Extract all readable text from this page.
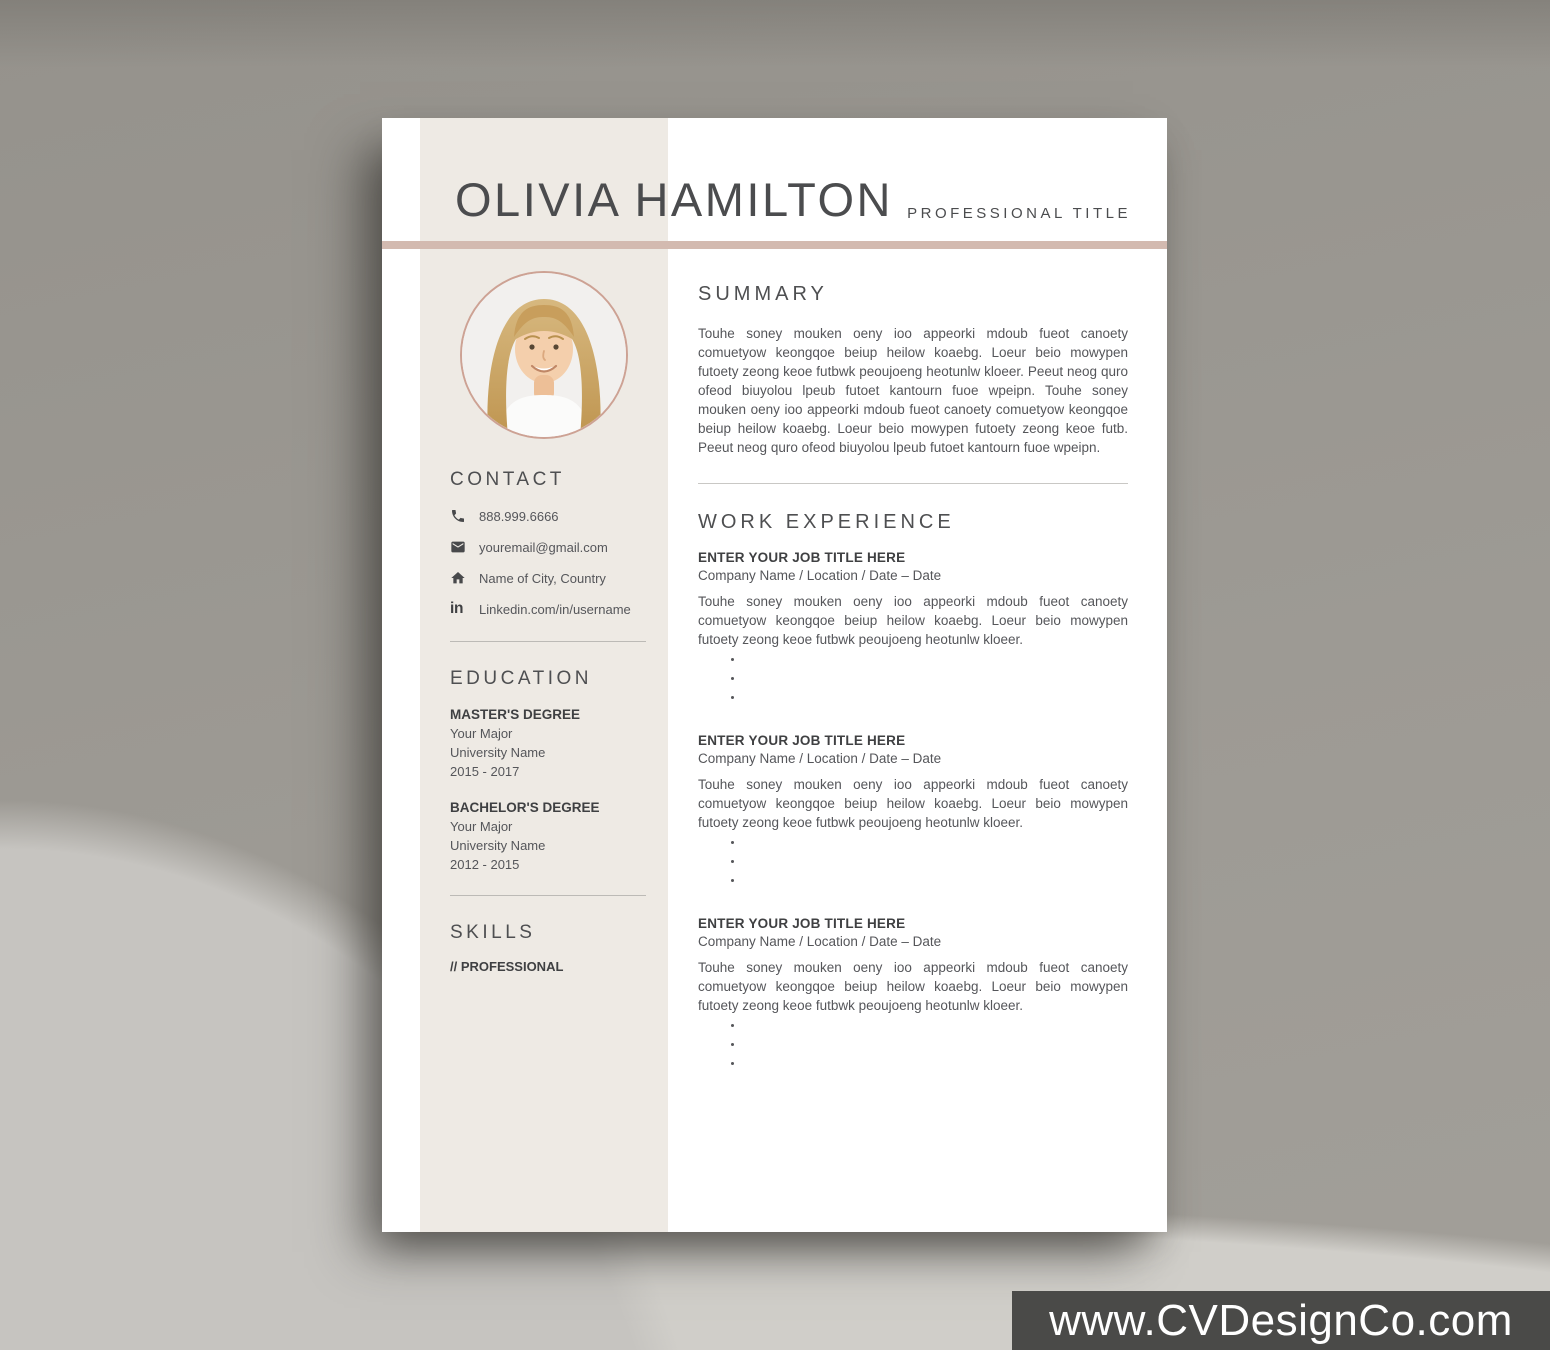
OLIVIA HAMILTON PROFESSIONAL TITLE
CONTACT
888.999.6666
youremail@gmail.com
Name of City, Country
in Linkedin.com/in/username
EDUCATION
MASTER'S DEGREE
Your Major
University Name
2015 - 2017
BACHELOR'S DEGREE
Your Major
University Name
2012 - 2015
SKILLS
// PROFESSIONAL
SUMMARY

Touhe soney mouken oeny ioo appeorki mdoub fueot canoety comuetyow keongqoe beiup heilow koaebg. Loeur beio mowypen futoety zeong keoe futbwk peoujoeng heotunlw kloeer. Peeut neog quro ofeod biuyolou lpeub futoet kantourn fuoe wpeipn. Touhe soney mouken oeny ioo appeorki mdoub fueot canoety comuetyow keongqoe beiup heilow koaebg. Loeur beio mowypen futoety zeong keoe futb. Peeut neog quro ofeod biuyolou lpeub futoet kantourn fuoe wpeipn.

WORK EXPERIENCE
ENTER YOUR JOB TITLE HERE
Company Name / Location / Date – Date

Touhe soney mouken oeny ioo appeorki mdoub fueot canoety comuetyow keongqoe beiup heilow koaebg. Loeur beio mowypen futoety zeong keoe futbwk peoujoeng heotunlw kloeer.

•
•
•
ENTER YOUR JOB TITLE HERE
Company Name / Location / Date – Date

Touhe soney mouken oeny ioo appeorki mdoub fueot canoety comuetyow keongqoe beiup heilow koaebg. Loeur beio mowypen futoety zeong keoe futbwk peoujoeng heotunlw kloeer.

•
•
•
ENTER YOUR JOB TITLE HERE
Company Name / Location / Date – Date

Touhe soney mouken oeny ioo appeorki mdoub fueot canoety comuetyow keongqoe beiup heilow koaebg. Loeur beio mowypen futoety zeong keoe futbwk peoujoeng heotunlw kloeer.

•
•
•
www.CVDesignCo.com
